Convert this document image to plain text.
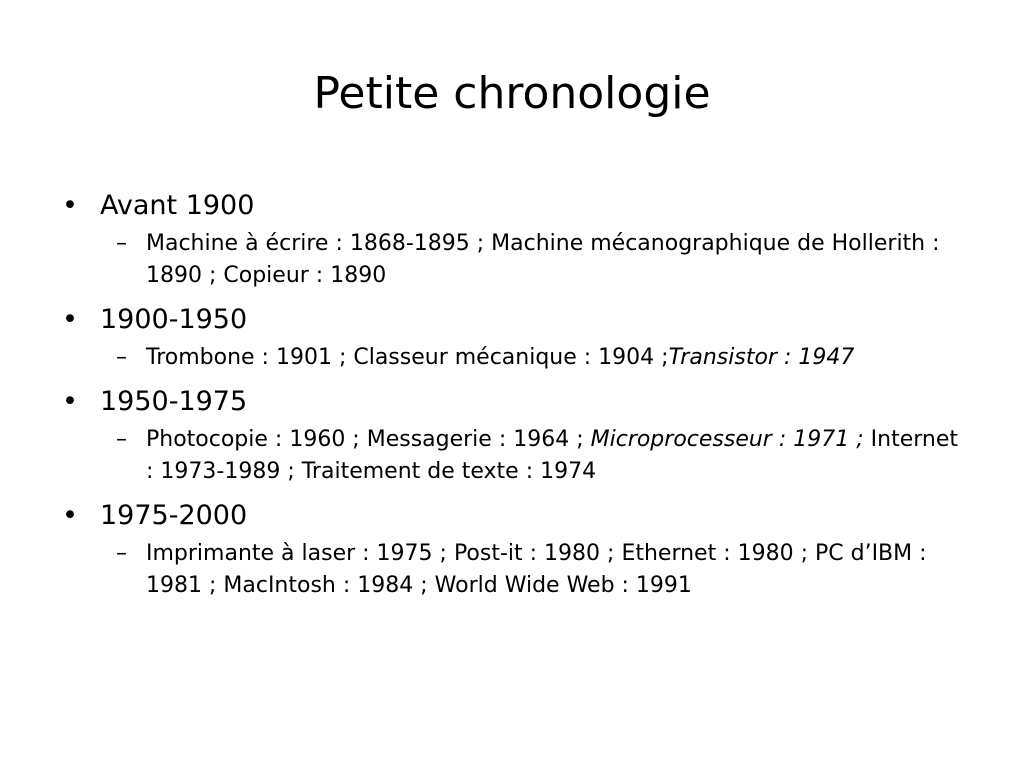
Petite chronologie
• Avant 1900
– Machine à écrire : 1868-1895 ; Machine mécanographique de Hollerith : 1890 ; Copieur : 1890
• 1900-1950
– Trombone : 1901 ; Classeur mécanique : 1904 ;Transistor : 1947
• 1950-1975
– Photocopie : 1960 ; Messagerie : 1964 ; Microprocesseur : 1971 ; Internet : 1973-1989 ; Traitement de texte : 1974
• 1975-2000
– Imprimante à laser : 1975 ; Post-it : 1980 ; Ethernet : 1980 ; PC d’IBM : 1981 ; MacIntosh : 1984 ; World Wide Web : 1991
